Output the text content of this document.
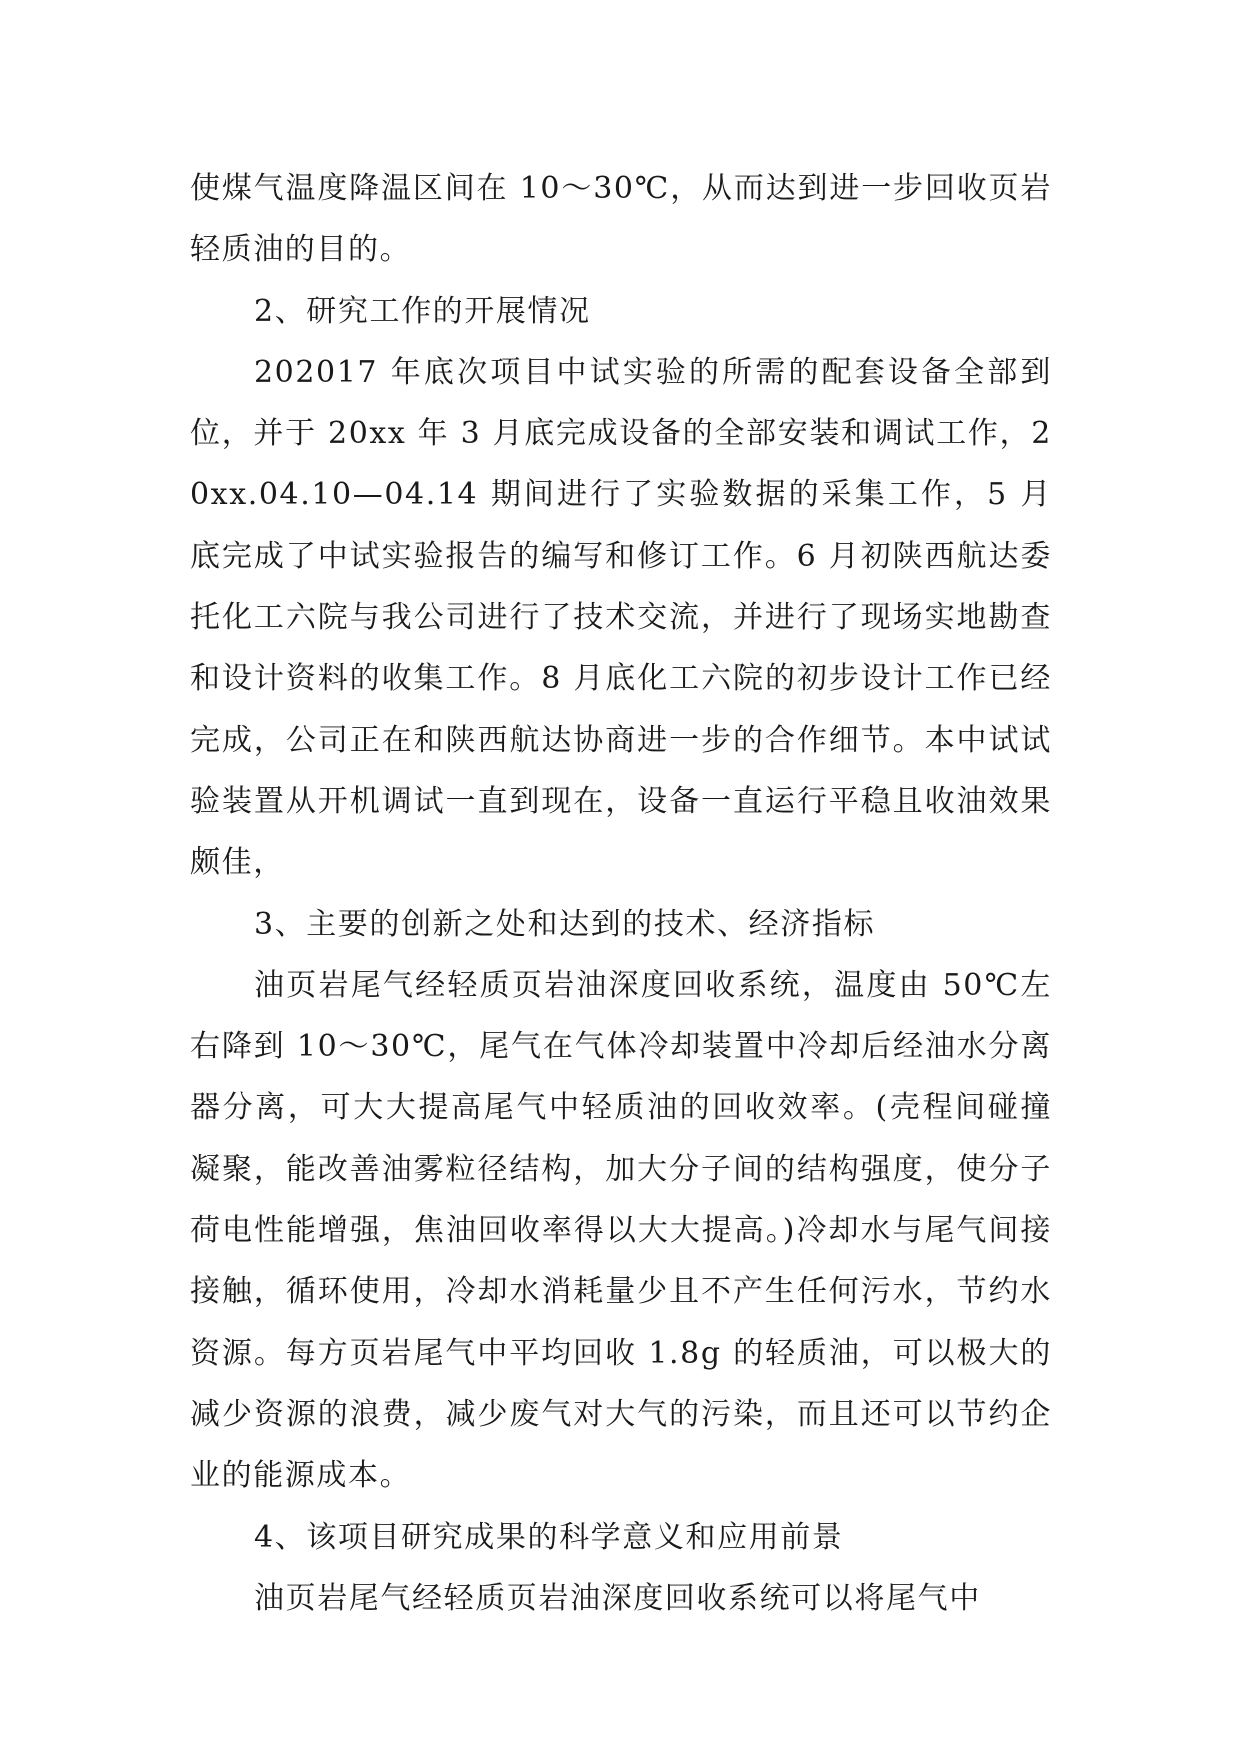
使煤气温度降温区间在 10～30℃，从而达到进一步回收页岩轻质油的目的。

2、研究工作的开展情况

202017 年底次项目中试实验的所需的配套设备全部到位，并于 20xx 年 3 月底完成设备的全部安装和调试工作，20xx.04.10—04.14 期间进行了实验数据的采集工作，5 月底完成了中试实验报告的编写和修订工作。6 月初陕西航达委托化工六院与我公司进行了技术交流，并进行了现场实地勘查和设计资料的收集工作。8 月底化工六院的初步设计工作已经完成，公司正在和陕西航达协商进一步的合作细节。本中试试验装置从开机调试一直到现在，设备一直运行平稳且收油效果颇佳，

3、主要的创新之处和达到的技术、经济指标

油页岩尾气经轻质页岩油深度回收系统，温度由 50℃左右降到 10～30℃，尾气在气体冷却装置中冷却后经油水分离器分离，可大大提高尾气中轻质油的回收效率。(壳程间碰撞凝聚，能改善油雾粒径结构，加大分子间的结构强度，使分子荷电性能增强，焦油回收率得以大大提高。)冷却水与尾气间接接触，循环使用，冷却水消耗量少且不产生任何污水，节约水资源。每方页岩尾气中平均回收 1.8g 的轻质油，可以极大的减少资源的浪费，减少废气对大气的污染，而且还可以节约企业的能源成本。

4、该项目研究成果的科学意义和应用前景

油页岩尾气经轻质页岩油深度回收系统可以将尾气中
